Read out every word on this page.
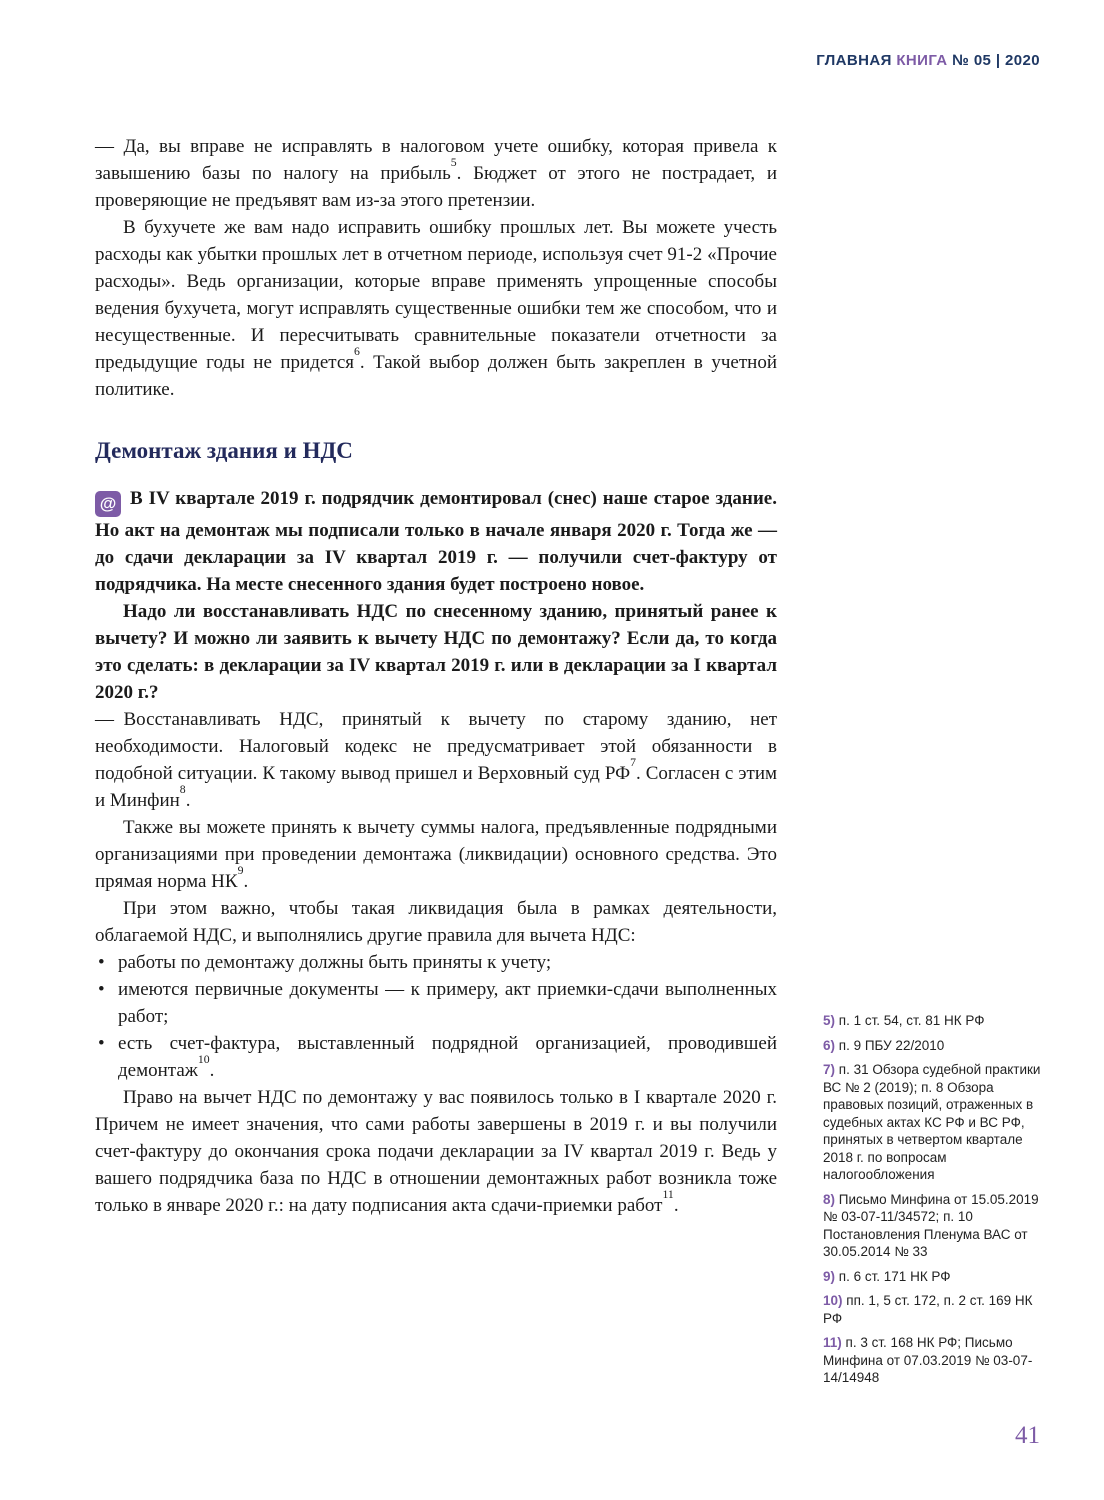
ГЛАВНАЯ КНИГА № 05 | 2020

— Да, вы вправе не исправлять в налоговом учете ошибку, которая привела к завышению базы по налогу на прибыль$^5$. Бюджет от этого не пострадает, и проверяющие не предъявят вам из-за этого претензии.

В бухучете же вам надо исправить ошибку прошлых лет. Вы можете учесть расходы как убытки прошлых лет в отчетном периоде, используя счет 91-2 «Прочие расходы». Ведь организации, которые вправе применять упрощенные способы ведения бухучета, могут исправлять существенные ошибки тем же способом, что и несущественные. И пересчитывать сравнительные показатели отчетности за предыдущие годы не придется$^6$. Такой выбор должен быть закреплен в учетной политике.

Демонтаж здания и НДС

@ В IV квартале 2019 г. подрядчик демонтировал (снес) наше старое здание. Но акт на демонтаж мы подписали только в начале января 2020 г. Тогда же — до сдачи декларации за IV квартал 2019 г. — получили счет-фактуру от подрядчика. На месте снесенного здания будет построено новое.

Надо ли восстанавливать НДС по снесенному зданию, принятый ранее к вычету? И можно ли заявить к вычету НДС по демонтажу? Если да, то когда это сделать: в декларации за IV квартал 2019 г. или в декларации за I квартал 2020 г.?

— Восстанавливать НДС, принятый к вычету по старому зданию, нет необходимости. Налоговый кодекс не предусматривает этой обязанности в подобной ситуации. К такому вывод пришел и Верховный суд $РФ^7$. Согласен с этим и Минфин$^8$.

Также вы можете принять к вычету суммы налога, предъявленные подрядными организациями при проведении демонтажа (ликвидации) основного средства. Это прямая норма $НК^9$.

При этом важно, чтобы такая ликвидация была в рамках деятельности, облагаемой НДС, и выполнялись другие правила для вычета НДС:

• работы по демонтажу должны быть приняты к учету;
• имеются первичные документы — к примеру, акт приемки-сдачи выполненных работ;
• есть счет-фактура, выставленный подрядной организацией, проводившей демонтаж$^{10}$.

Право на вычет НДС по демонтажу у вас появилось только в I квартале 2020 г. Причем не имеет значения, что сами работы завершены в 2019 г. и вы получили счет-фактуру до окончания срока подачи декларации за IV квартал 2019 г. Ведь у вашего подрядчика база по НДС в отношении демонтажных работ возникла тоже только в январе 2020 г.: на дату подписания акта сдачи-приемки работ$^{11}$.

5) п. 1 ст. 54, ст. 81 НК РФ

6) п. 9 ПБУ 22/2010

7) п. 31 Обзора судебной практики ВС № 2 (2019); п. 8 Обзора правовых позиций, отраженных в судебных актах КС РФ и ВС РФ, принятых в четвертом квартале 2018 г. по вопросам налогообложения

8) Письмо Минфина от 15.05.2019 № 03-07-11/34572; п. 10 Постановления Пленума ВАС от 30.05.2014 № 33

9) п. 6 ст. 171 НК РФ

10) пп. 1, 5 ст. 172, п. 2 ст. 169 НК РФ

11) п. 3 ст. 168 НК РФ; Письмо Минфина от 07.03.2019 № 03-07-14/14948

41
